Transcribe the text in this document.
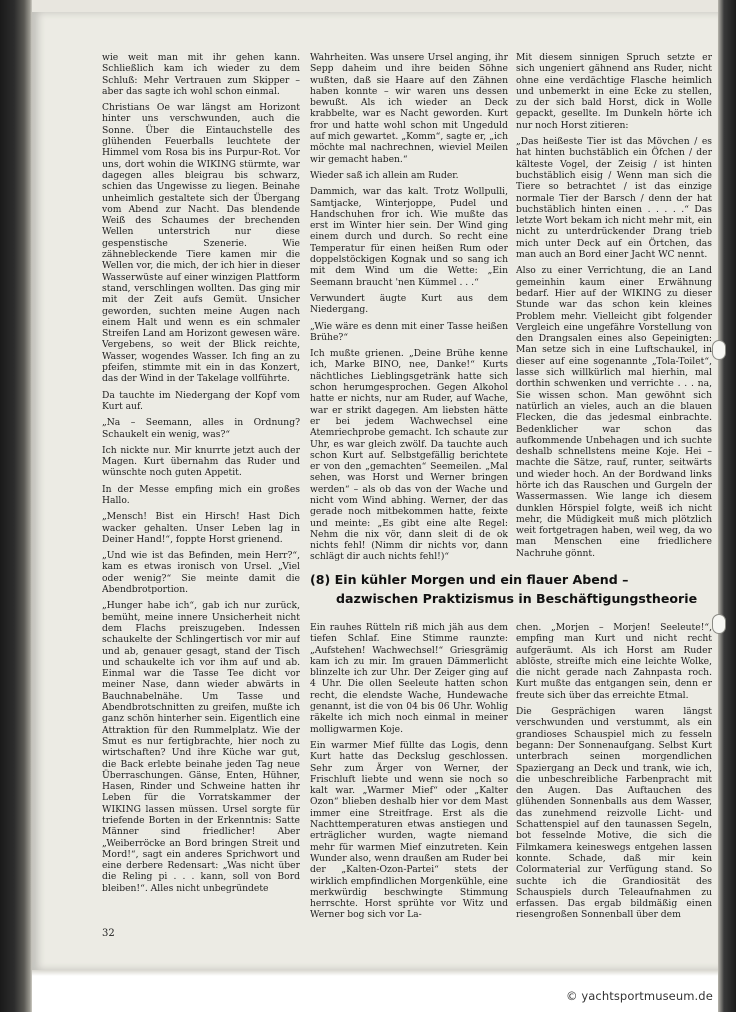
wie weit man mit ihr gehen kann. Schließlich kam ich wieder zu dem Schluß: Mehr Vertrauen zum Skipper – aber das sagte ich wohl schon einmal.

Christians Oe war längst am Horizont hinter uns verschwunden, auch die Sonne. Über die Eintauchstelle des glühenden Feuerballs leuchtete der Himmel vom Rosa bis ins Purpur-Rot. Vor uns, dort wohin die WIKING stürmte, war dagegen alles bleigrau bis schwarz, schien das Ungewisse zu liegen. Beinahe unheimlich gestaltete sich der Übergang vom Abend zur Nacht. Das blendende Weiß des Schaumes der brechenden Wellen unterstrich nur diese gespenstische Szenerie. Wie zähnebleckende Tiere kamen mir die Wellen vor, die mich, der ich hier in dieser Wasserwüste auf einer winzigen Plattform stand, verschlingen wollten. Das ging mir mit der Zeit aufs Gemüt. Unsicher geworden, suchten meine Augen nach einem Halt und wenn es ein schmaler Streifen Land am Horizont gewesen wäre. Vergebens, so weit der Blick reichte, Wasser, wogendes Wasser. Ich fing an zu pfeifen, stimmte mit ein in das Konzert, das der Wind in der Takelage vollführte.

Da tauchte im Niedergang der Kopf vom Kurt auf.

„Na – Seemann, alles in Ordnung? Schaukelt ein wenig, was?“

Ich nickte nur. Mir knurrte jetzt auch der Magen. Kurt übernahm das Ruder und wünschte noch guten Appetit.

In der Messe empfing mich ein großes Hallo.

„Mensch! Bist ein Hirsch! Hast Dich wacker gehalten. Unser Leben lag in Deiner Hand!“, foppte Horst grienend.

„Und wie ist das Befinden, mein Herr?“, kam es etwas ironisch von Ursel. „Viel oder wenig?“ Sie meinte damit die Abendbrotportion.

„Hunger habe ich“, gab ich nur zurück, bemüht, meine innere Unsicherheit nicht dem Flachs preiszugeben. Indessen schaukelte der Schlingertisch vor mir auf und ab, genauer gesagt, stand der Tisch und schaukelte ich vor ihm auf und ab. Einmal war die Tasse Tee dicht vor meiner Nase, dann wieder abwärts in Bauchnabelnähe. Um Tasse und Abendbrotschnitten zu greifen, mußte ich ganz schön hinterher sein. Eigentlich eine Attraktion für den Rummelplatz. Wie der Smut es nur fertigbrachte, hier noch zu wirtschaften? Und ihre Küche war gut, die Back erlebte beinahe jeden Tag neue Überraschungen. Gänse, Enten, Hühner, Hasen, Rinder und Schweine hatten ihr Leben für die Vorratskammer der WIKING lassen müssen. Ursel sorgte für triefende Borten in der Erkenntnis: Satte Männer sind friedlicher! Aber „Weiberröcke an Bord bringen Streit und Mord!“, sagt ein anderes Sprichwort und eine derbere Redensart: „Was nicht über die Reling pi . . . kann, soll von Bord bleiben!“. Alles nicht unbegründete

Wahrheiten. Was unsere Ursel anging, ihr Sepp daheim und ihre beiden Söhne wußten, daß sie Haare auf den Zähnen haben konnte – wir waren uns dessen bewußt. Als ich wieder an Deck krabbelte, war es Nacht geworden. Kurt fror und hatte wohl schon mit Ungeduld auf mich gewartet. „Komm“, sagte er, „ich möchte mal nachrechnen, wieviel Meilen wir gemacht haben.“

Wieder saß ich allein am Ruder.

Dammich, war das kalt. Trotz Wollpulli, Samtjacke, Winterjoppe, Pudel und Handschuhen fror ich. Wie mußte das erst im Winter hier sein. Der Wind ging einem durch und durch. So recht eine Temperatur für einen heißen Rum oder doppelstöckigen Kognak und so sang ich mit dem Wind um die Wette: „Ein Seemann braucht 'nen Kümmel . . .“

Verwundert äugte Kurt aus dem Niedergang.

„Wie wäre es denn mit einer Tasse heißen Brühe?“

Ich mußte grienen. „Deine Brühe kenne ich, Marke BINO, nee, Danke!“ Kurts nächtliches Lieblingsgetränk hatte sich schon herumgesprochen. Gegen Alkohol hatte er nichts, nur am Ruder, auf Wache, war er strikt dagegen. Am liebsten hätte er bei jedem Wachwechsel eine Atemriechprobe gemacht. Ich schaute zur Uhr, es war gleich zwölf. Da tauchte auch schon Kurt auf. Selbstgefällig berichtete er von den „gemachten“ Seemeilen. „Mal sehen, was Horst und Werner bringen werden“ – als ob das von der Wache und nicht vom Wind abhing. Werner, der das gerade noch mitbekommen hatte, feixte und meinte: „Es gibt eine alte Regel: Nehm die nix vör, dann sleit di de ok nichts fehl! (Nimm dir nichts vor, dann schlägt dir auch nichts fehl!)“

Mit diesem sinnigen Spruch setzte er sich ungeniert gähnend ans Ruder, nicht ohne eine verdächtige Flasche heimlich und unbemerkt in eine Ecke zu stellen, zu der sich bald Horst, dick in Wolle gepackt, gesellte. Im Dunkeln hörte ich nur noch Horst zitieren:

„Das heißeste Tier ist das Mövchen / es hat hinten buchstäblich ein Öfchen / der kälteste Vogel, der Zeisig / ist hinten buchstäblich eisig / Wenn man sich die Tiere so betrachtet / ist das einzige normale Tier der Barsch / denn der hat buchstäblich hinten einen . . . . .“ Das letzte Wort bekam ich nicht mehr mit, ein nicht zu unterdrückender Drang trieb mich unter Deck auf ein Örtchen, das man auch an Bord einer Jacht WC nennt.

Also zu einer Verrichtung, die an Land gemeinhin kaum einer Erwähnung bedarf. Hier auf der WIKING zu dieser Stunde war das schon kein kleines Problem mehr. Vielleicht gibt folgender Vergleich eine ungefähre Vorstellung von den Drangsalen eines also Gepeinigten: Man setze sich in eine Luftschaukel, in dieser auf eine sogenannte „Tola-Toilet“, lasse sich willkürlich mal hierhin, mal dorthin schwenken und verrichte . . . na, Sie wissen schon. Man gewöhnt sich natürlich an vieles, auch an die blauen Flecken, die das jedesmal einbrachte. Bedenklicher war schon das aufkommende Unbehagen und ich suchte deshalb schnellstens meine Koje. Hei – machte die Sätze, rauf, runter, seitwärts und wieder hoch. An der Bordwand links hörte ich das Rauschen und Gurgeln der Wassermassen. Wie lange ich diesem dunklen Hörspiel folgte, weiß ich nicht mehr, die Müdigkeit muß mich plötzlich weit fortgetragen haben, weil weg, da wo man Menschen eine friedlichere Nachruhe gönnt.

(8) Ein kühler Morgen und ein flauer Abend –
dazwischen Praktizismus in Beschäftigungstheorie

Ein rauhes Rütteln riß mich jäh aus dem tiefen Schlaf. Eine Stimme raunzte: „Aufstehen! Wachwechsel!“ Griesgrämig kam ich zu mir. Im grauen Dämmerlicht blinzelte ich zur Uhr. Der Zeiger ging auf 4 Uhr. Die ollen Seeleute hatten schon recht, die elendste Wache, Hundewache genannt, ist die von 04 bis 06 Uhr. Wohlig räkelte ich mich noch einmal in meiner molligwarmen Koje.

Ein warmer Mief füllte das Logis, denn Kurt hatte das Deckslug geschlossen. Sehr zum Ärger von Werner, der Frischluft liebte und wenn sie noch so kalt war. „Warmer Mief“ oder „Kalter Ozon“ blieben deshalb hier vor dem Mast immer eine Streitfrage. Erst als die Nachttemperaturen etwas anstiegen und erträglicher wurden, wagte niemand mehr für warmen Mief einzutreten. Kein Wunder also, wenn draußen am Ruder bei der „Kalten-Ozon-Partei“ stets der wirklich empfindlichen Morgenkühle, eine merkwürdig beschwingte Stimmung herrschte. Horst sprühte vor Witz und Werner bog sich vor La-

chen. „Morjen – Morjen! Seeleute!“, empfing man Kurt und nicht recht aufgeräumt. Als ich Horst am Ruder ablöste, streifte mich eine leichte Wolke, die nicht gerade nach Zahnpasta roch. Kurt mußte das entgangen sein, denn er freute sich über das erreichte Etmal.

Die Gesprächigen waren längst verschwunden und verstummt, als ein grandioses Schauspiel mich zu fesseln begann: Der Sonnenaufgang. Selbst Kurt unterbrach seinen morgendlichen Spaziergang an Deck und trank, wie ich, die unbeschreibliche Farbenpracht mit den Augen. Das Auftauchen des glühenden Sonnenballs aus dem Wasser, das zunehmend reizvolle Licht- und Schattenspiel auf den taunassen Segeln, bot fesselnde Motive, die sich die Filmkamera keineswegs entgehen lassen konnte. Schade, daß mir kein Colormaterial zur Verfügung stand. So suchte ich die Grandiosität des Schauspiels durch Teleaufnahmen zu erfassen. Das ergab bildmäßig einen riesengroßen Sonnenball über dem

32
© yachtsportmuseum.de
